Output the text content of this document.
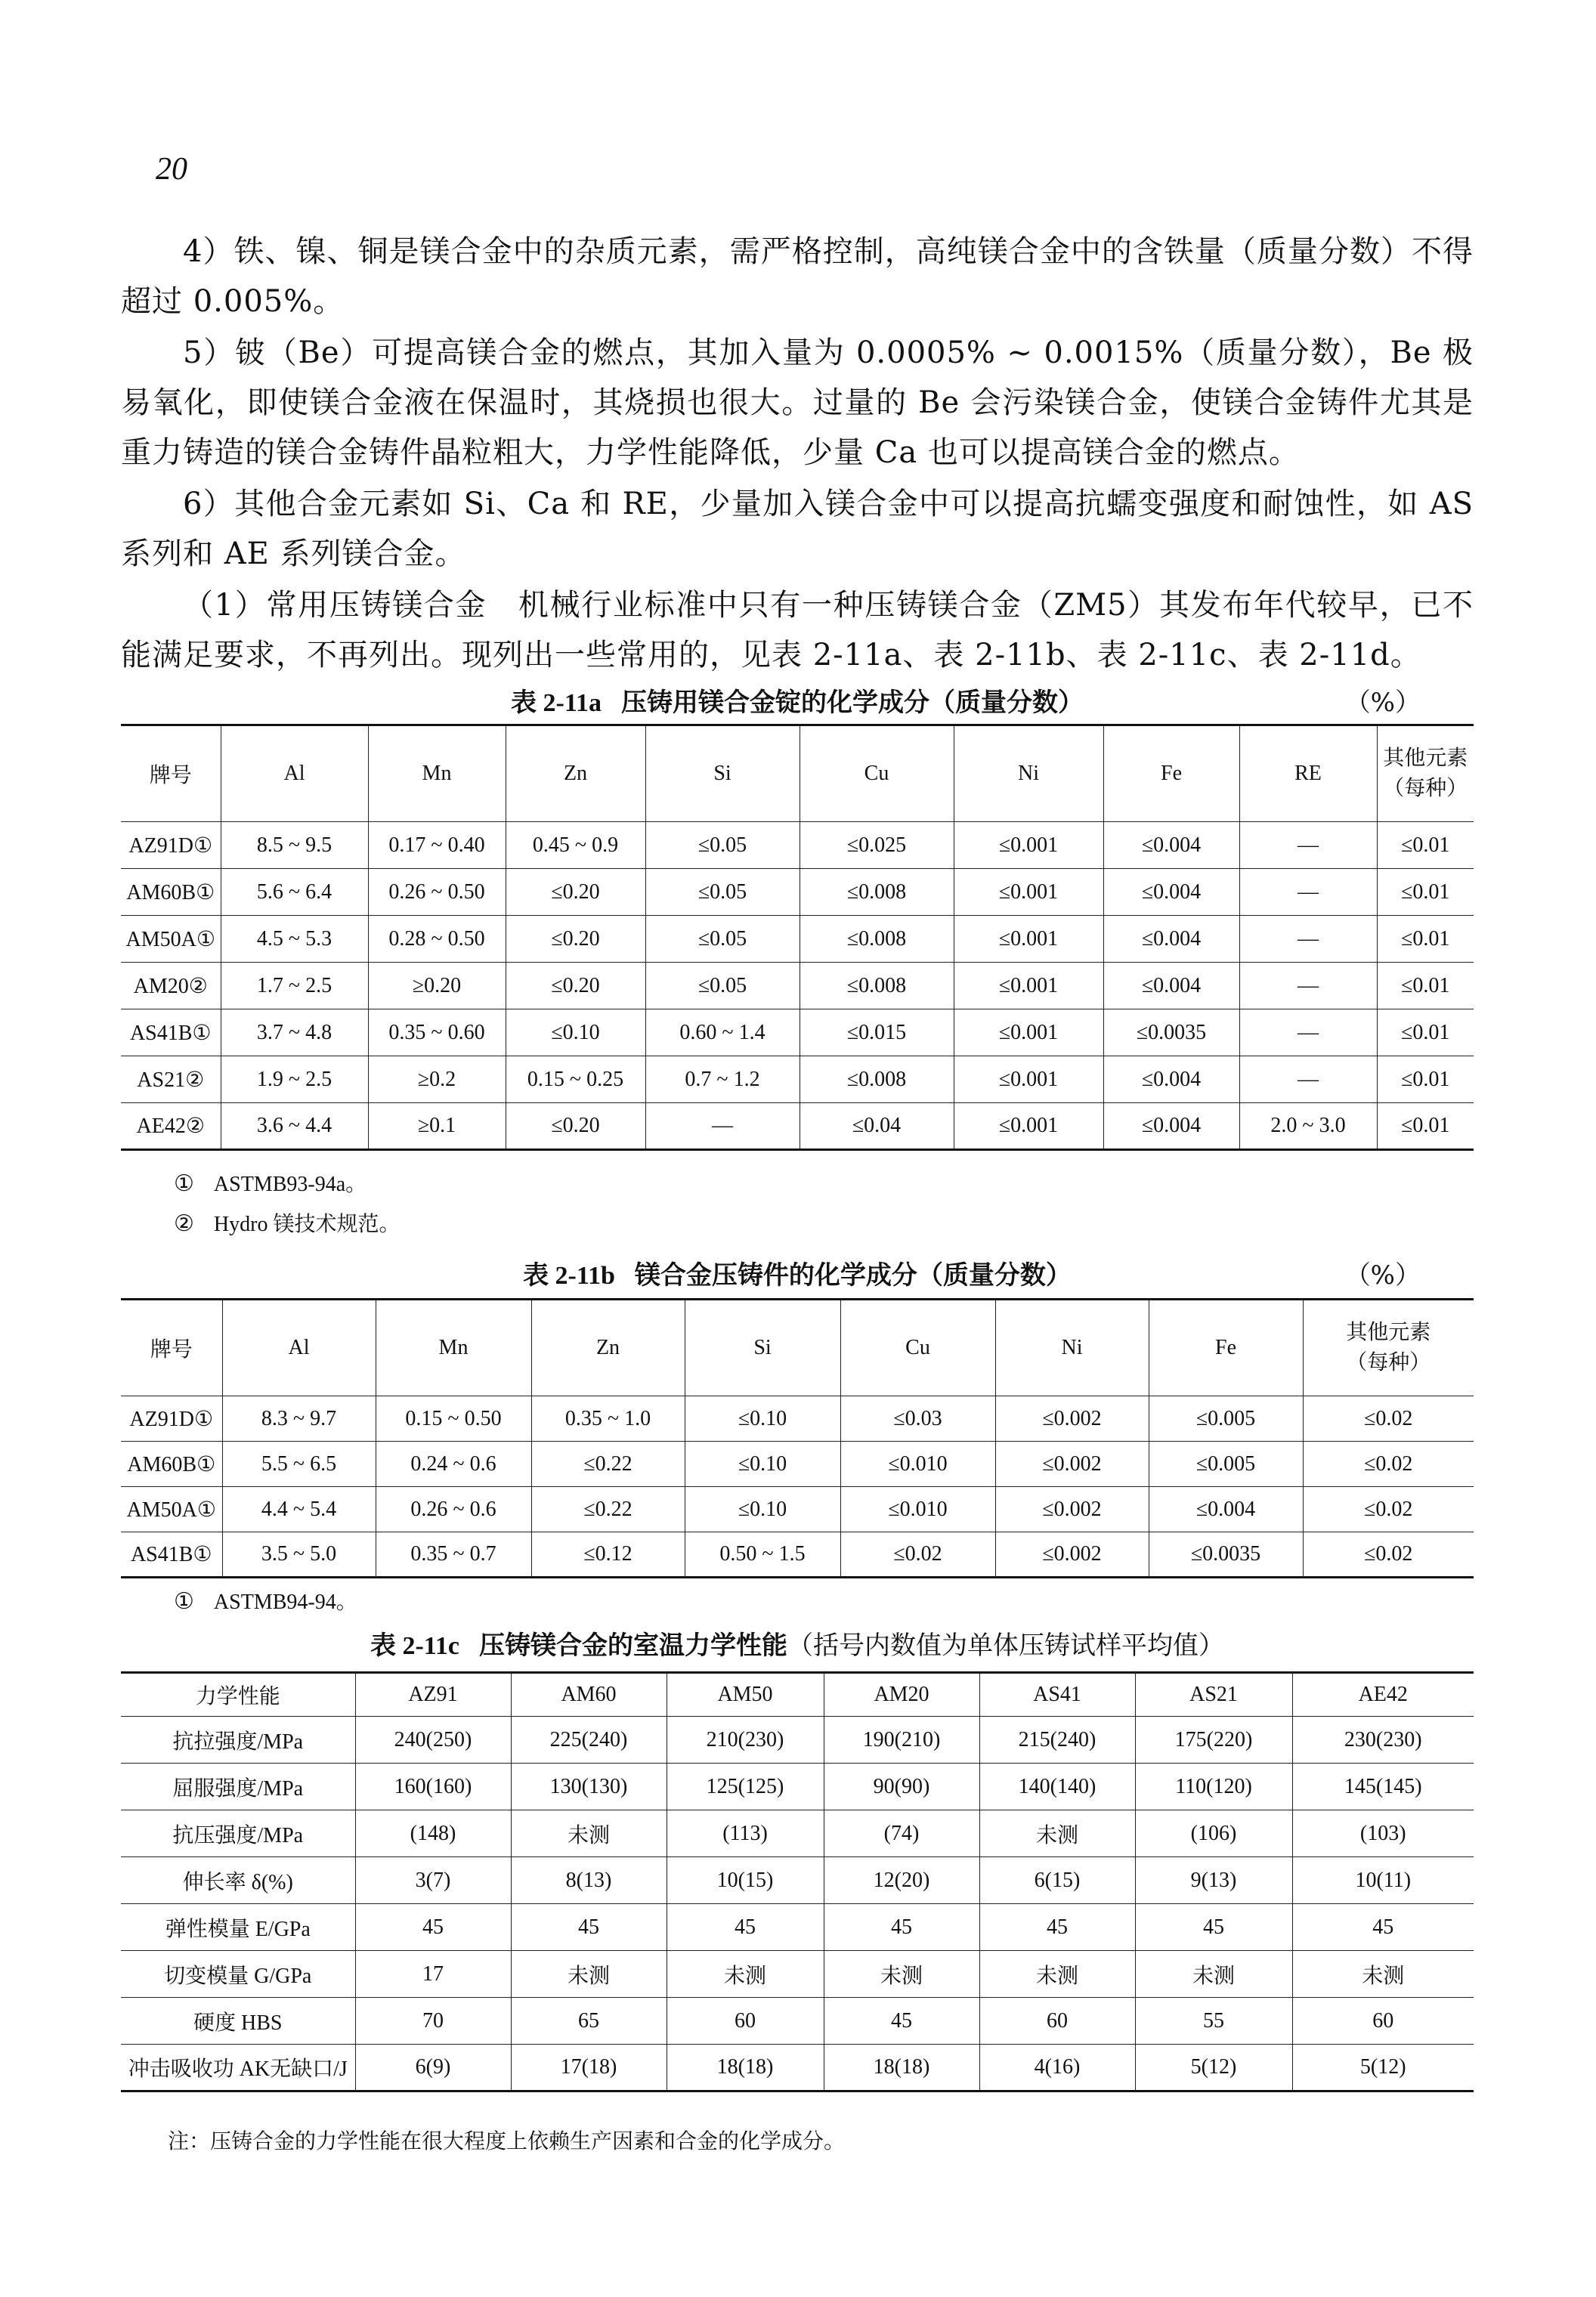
20

4）铁、镍、铜是镁合金中的杂质元素，需严格控制，高纯镁合金中的含铁量（质量分数）不得超过 0.005%。

5）铍（Be）可提高镁合金的燃点，其加入量为 0.0005% ~ 0.0015%（质量分数），Be 极易氧化，即使镁合金液在保温时，其烧损也很大。过量的 Be 会污染镁合金，使镁合金铸件尤其是重力铸造的镁合金铸件晶粒粗大，力学性能降低，少量 Ca 也可以提高镁合金的燃点。

6）其他合金元素如 Si、Ca 和 RE，少量加入镁合金中可以提高抗蠕变强度和耐蚀性，如 AS 系列和 AE 系列镁合金。

（1）常用压铸镁合金　机械行业标准中只有一种压铸镁合金（ZM5）其发布年代较早，已不能满足要求，不再列出。现列出一些常用的，见表 2-11a、表 2-11b、表 2-11c、表 2-11d。

表 2-11a 压铸用镁合金锭的化学成分（质量分数）	（%）
牌号	Al	Mn	Zn	Si	Cu	Ni	Fe	RE	其他元素
（每种）
AZ91D①	8.5 ~ 9.5	0.17 ~ 0.40	0.45 ~ 0.9	≤0.05	≤0.025	≤0.001	≤0.004	—	≤0.01
AM60B①	5.6 ~ 6.4	0.26 ~ 0.50	≤0.20	≤0.05	≤0.008	≤0.001	≤0.004	—	≤0.01
AM50A①	4.5 ~ 5.3	0.28 ~ 0.50	≤0.20	≤0.05	≤0.008	≤0.001	≤0.004	—	≤0.01
AM20②	1.7 ~ 2.5	≥0.20	≤0.20	≤0.05	≤0.008	≤0.001	≤0.004	—	≤0.01
AS41B①	3.7 ~ 4.8	0.35 ~ 0.60	≤0.10	0.60 ~ 1.4	≤0.015	≤0.001	≤0.0035	—	≤0.01
AS21②	1.9 ~ 2.5	≥0.2	0.15 ~ 0.25	0.7 ~ 1.2	≤0.008	≤0.001	≤0.004	—	≤0.01
AE42②	3.6 ~ 4.4	≥0.1	≤0.20	—	≤0.04	≤0.001	≤0.004	2.0 ~ 3.0	≤0.01
① ASTMB93-94a。
② Hydro 镁技术规范。
表 2-11b 镁合金压铸件的化学成分（质量分数）	（%）
牌号	Al	Mn	Zn	Si	Cu	Ni	Fe	其他元素
（每种）
AZ91D①	8.3 ~ 9.7	0.15 ~ 0.50	0.35 ~ 1.0	≤0.10	≤0.03	≤0.002	≤0.005	≤0.02
AM60B①	5.5 ~ 6.5	0.24 ~ 0.6	≤0.22	≤0.10	≤0.010	≤0.002	≤0.005	≤0.02
AM50A①	4.4 ~ 5.4	0.26 ~ 0.6	≤0.22	≤0.10	≤0.010	≤0.002	≤0.004	≤0.02
AS41B①	3.5 ~ 5.0	0.35 ~ 0.7	≤0.12	0.50 ~ 1.5	≤0.02	≤0.002	≤0.0035	≤0.02
① ASTMB94-94。
表 2-11c 压铸镁合金的室温力学性能（括号内数值为单体压铸试样平均值）
力学性能	AZ91	AM60	AM50	AM20	AS41	AS21	AE42
抗拉强度/MPa	240(250)	225(240)	210(230)	190(210)	215(240)	175(220)	230(230)
屈服强度/MPa	160(160)	130(130)	125(125)	90(90)	140(140)	110(120)	145(145)
抗压强度/MPa	(148)	未测	(113)	(74)	未测	(106)	(103)
伸长率 δ(%)	3(7)	8(13)	10(15)	12(20)	6(15)	9(13)	10(11)
弹性模量 E/GPa	45	45	45	45	45	45	45
切变模量 G/GPa	17	未测	未测	未测	未测	未测	未测
硬度 HBS	70	65	60	45	60	55	60
冲击吸收功 AK无缺口/J	6(9)	17(18)	18(18)	18(18)	4(16)	5(12)	5(12)
注：压铸合金的力学性能在很大程度上依赖生产因素和合金的化学成分。
